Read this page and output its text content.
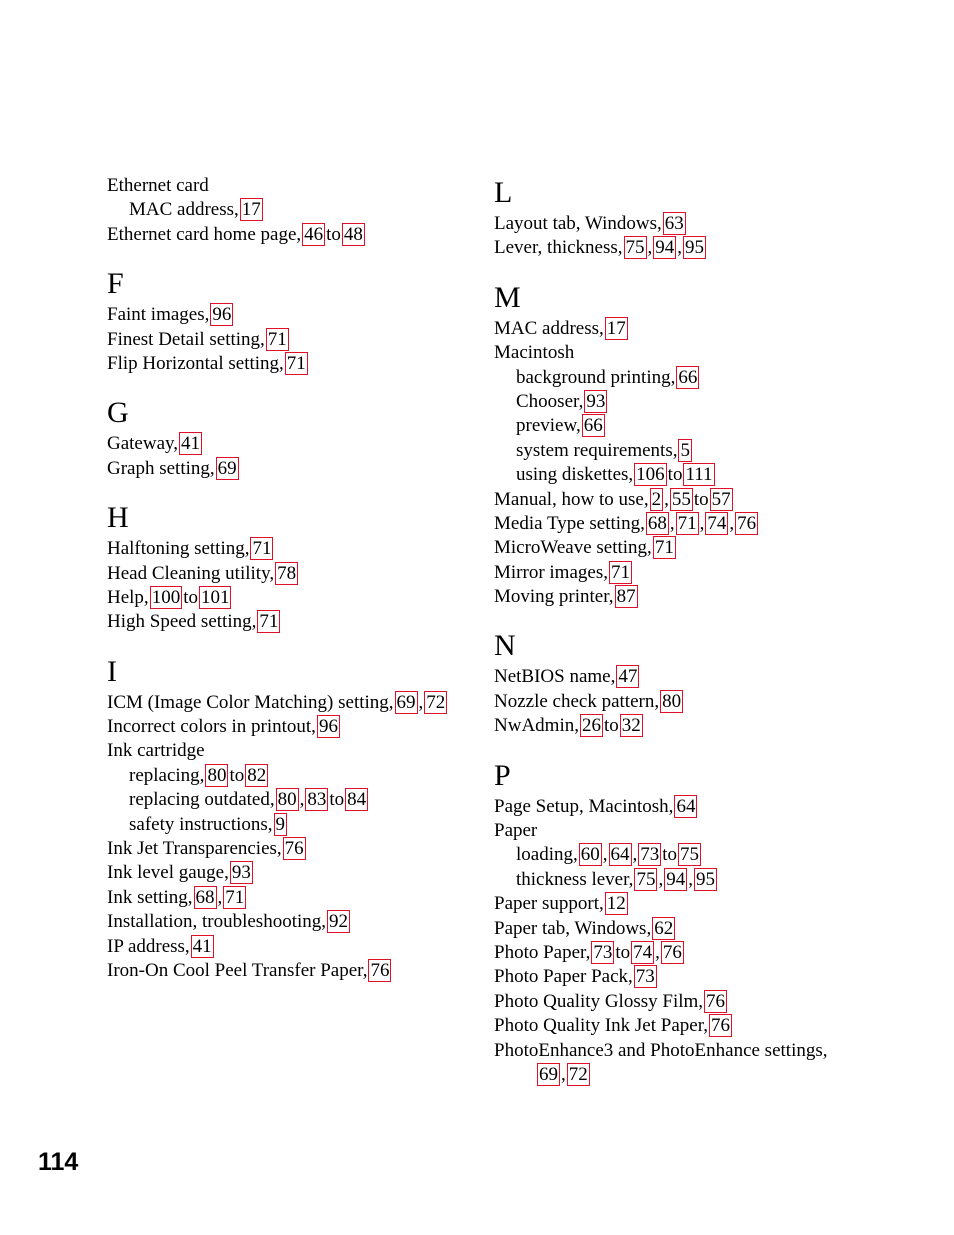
Ethernet card
MAC address, 17
Ethernet card home page, 46 to 48
F
Faint images, 96
Finest Detail setting, 71
Flip Horizontal setting, 71
G
Gateway, 41
Graph setting, 69
H
Halftoning setting, 71
Head Cleaning utility, 78
Help, 100 to 101
High Speed setting, 71
I
ICM (Image Color Matching) setting, 69 , 72
Incorrect colors in printout, 96
Ink cartridge
replacing, 80 to 82
replacing outdated, 80 , 83 to 84
safety instructions, 9
Ink Jet Transparencies, 76
Ink level gauge, 93
Ink setting, 68 , 71
Installation, troubleshooting, 92
IP address, 41
Iron-On Cool Peel Transfer Paper, 76
L
Layout tab, Windows, 63
Lever, thickness, 75 , 94 , 95
M
MAC address, 17
Macintosh
background printing, 66
Chooser, 93
preview, 66
system requirements, 5
using diskettes, 106 to 111
Manual, how to use, 2 , 55 to 57
Media Type setting, 68 , 71 , 74 , 76
MicroWeave setting, 71
Mirror images, 71
Moving printer, 87
N
NetBIOS name, 47
Nozzle check pattern, 80
NwAdmin, 26 to 32
P
Page Setup, Macintosh, 64
Paper
loading, 60 , 64 , 73 to 75
thickness lever, 75 , 94 , 95
Paper support, 12
Paper tab, Windows, 62
Photo Paper, 73 to 74 , 76
Photo Paper Pack, 73
Photo Quality Glossy Film, 76
Photo Quality Ink Jet Paper, 76
PhotoEnhance3 and PhotoEnhance settings,
69 , 72
114
